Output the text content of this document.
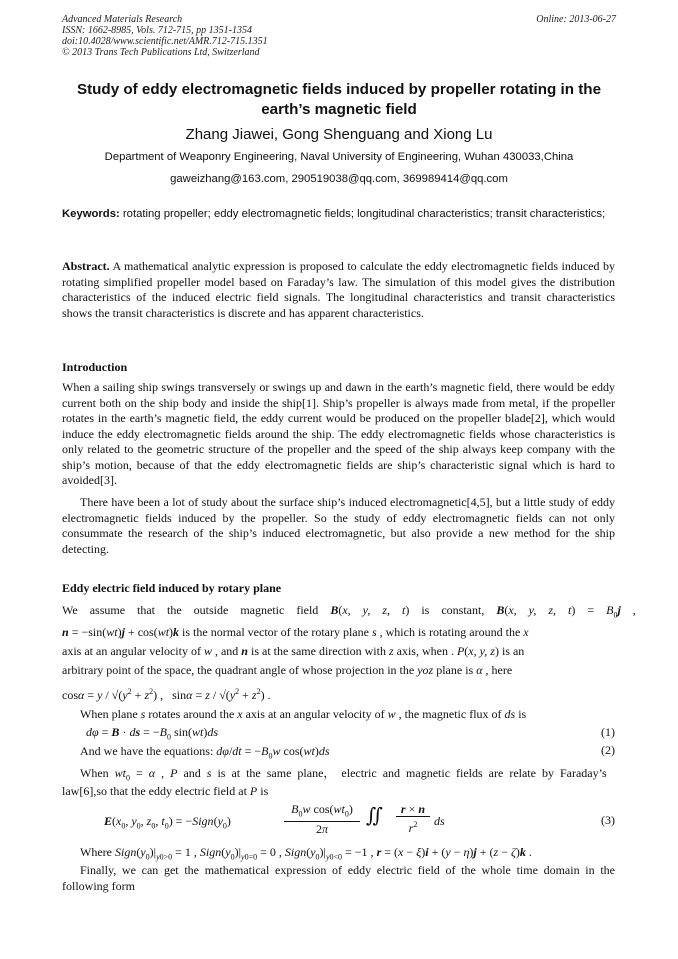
Advanced Materials Research
ISSN: 1662-8985, Vols. 712-715, pp 1351-1354
doi:10.4028/www.scientific.net/AMR.712-715.1351
© 2013 Trans Tech Publications Ltd, Switzerland
Online: 2013-06-27
Study of eddy electromagnetic fields induced by propeller rotating in the earth’s magnetic field
Zhang Jiawei, Gong Shenguang and Xiong Lu
Department of Weaponry Engineering, Naval University of Engineering, Wuhan 430033,China
gaweizhang@163.com, 290519038@qq.com, 369989414@qq.com
Keywords: rotating propeller; eddy electromagnetic fields; longitudinal characteristics; transit characteristics;
Abstract. A mathematical analytic expression is proposed to calculate the eddy electromagnetic fields induced by rotating simplified propeller model based on Faraday’s law. The simulation of this model gives the distribution characteristics of the induced electric field signals. The longitudinal characteristics and transit characteristics shows the transit characteristics is discrete and has apparent characteristics.
Introduction
When a sailing ship swings transversely or swings up and dawn in the earth’s magnetic field, there would be eddy current both on the ship body and inside the ship[1]. Ship’s propeller is always made from metal, if the propeller rotates in the earth’s magnetic field, the eddy current would be produced on the propeller blade[2], which would induce the eddy electromagnetic fields around the ship. The eddy electromagnetic fields whose characteristics is only related to the geometric structure of the propeller and the speed of the ship always keep company with the ship’s motion, because of that the eddy electromagnetic fields are ship’s characteristic signal which is hard to avoided[3].
There have been a lot of study about the surface ship’s induced electromagnetic[4,5], but a little study of eddy electromagnetic fields induced by the propeller. So the study of eddy electromagnetic fields can not only consummate the research of the ship’s induced electromagnetic, but also provide a new method for the ship detecting.
Eddy electric field induced by rotary plane
We assume that the outside magnetic field B(x, y, z, t) is constant, B(x, y, z, $t) = B_0j$ ,
n = −sin(wt)j + cos(wt)k is the normal vector of the rotary plane s , which is rotating around the x
axis at an angular velocity of w , and n is at the same direction with z axis, when . P(x, y, z) is an
arbitrary point of the space, the quadrant angle of whose projection in the yoz plane is α , here
$\cos\alpha = y / √(y^2 + z^2)$ ,   $\sin\alpha = z / √(y^2 + z^2)$ .
When plane s rotates around the x axis at an angular velocity of w , the magnetic flux of ds is
dφ = B · ds = $-B_0$ sin(wt)ds	(1)
And we have the equations: $d\varphi/dt = -B_0w$ cos(wt)ds	(2)
When $wt_0 = \alpha$ , P and s is at the same plane， electric and magnetic fields are relate by Faraday’s
law[6],so that the eddy electric field at P is
$E(x_0$, $y_0$, $z_0$, $t_0$) = $-Sign(y_0)$
$B_0w$ $\cos(wt_0)$
2π
∬	r × n
$r^2$	ds	(3)
Where $Sign(y_0)|_{y0>0} = 1$ , $Sign(y_0)|_{y0=0} = 0$ , $Sign(y_0)|_{y0<0} = -1$ , r = (x − ξ)i + (y − η)j + (z − ζ)k .
Finally, we can get the mathematical expression of eddy electric field of the whole time domain in the following form
